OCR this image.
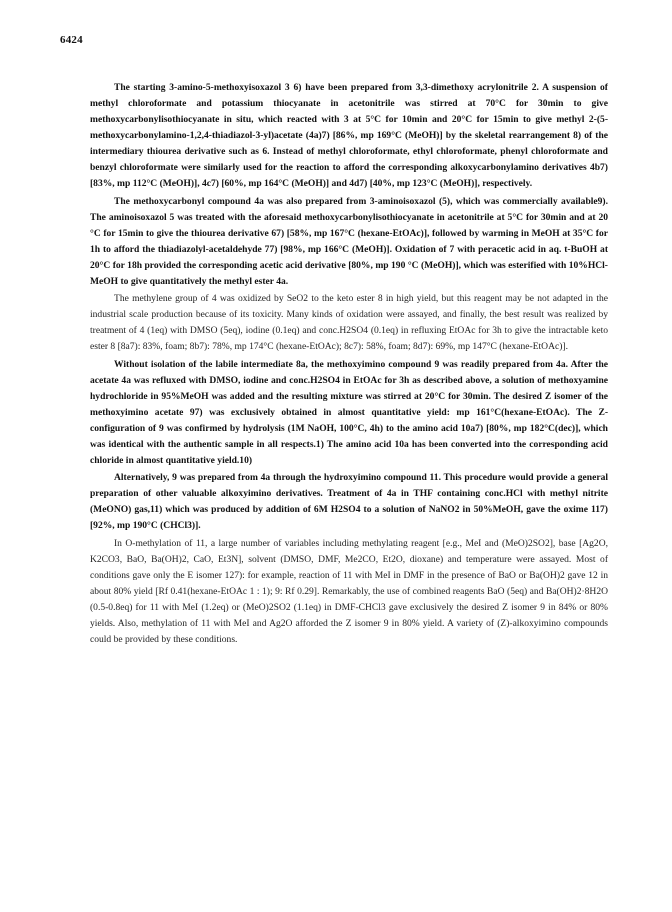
6424

The starting 3-amino-5-methoxyisoxazol 3 6) have been prepared from 3,3-dimethoxy acrylonitrile 2. A suspension of methyl chloroformate and potassium thiocyanate in acetonitrile was stirred at 70°C for 30min to give methoxycarbonylisothiocyanate in situ, which reacted with 3 at 5°C for 10min and 20°C for 15min to give methyl 2-(5-methoxycarbonylamino-1,2,4-thiadiazol-3-yl)acetate (4a)7) [86%, mp 169°C (MeOH)] by the skeletal rearrangement 8) of the intermediary thiourea derivative such as 6. Instead of methyl chloroformate, ethyl chloroformate, phenyl chloroformate and benzyl chloroformate were similarly used for the reaction to afford the corresponding alkoxycarbonylamino derivatives 4b7) [83%, mp 112°C (MeOH)], 4c7) [60%, mp 164°C (MeOH)] and 4d7) [40%, mp 123°C (MeOH)], respectively.

The methoxycarbonyl compound 4a was also prepared from 3-aminoisoxazol (5), which was commercially available9). The aminoisoxazol 5 was treated with the aforesaid methoxycarbonylisothiocyanate in acetonitrile at 5°C for 30min and at 20 °C for 15min to give the thiourea derivative 67) [58%, mp 167°C (hexane-EtOAc)], followed by warming in MeOH at 35°C for 1h to afford the thiadiazolyl-acetaldehyde 77) [98%, mp 166°C (MeOH)]. Oxidation of 7 with peracetic acid in aq. t-BuOH at 20°C for 18h provided the corresponding acetic acid derivative [80%, mp 190 °C (MeOH)], which was esterified with 10%HCl-MeOH to give quantitatively the methyl ester 4a.

The methylene group of 4 was oxidized by SeO2 to the keto ester 8 in high yield, but this reagent may be not adapted in the industrial scale production because of its toxicity. Many kinds of oxidation were assayed, and finally, the best result was realized by treatment of 4 (1eq) with DMSO (5eq), iodine (0.1eq) and conc.H2SO4 (0.1eq) in refluxing EtOAc for 3h to give the intractable keto ester 8 [8a7): 83%, foam; 8b7): 78%, mp 174°C (hexane-EtOAc); 8c7): 58%, foam; 8d7): 69%, mp 147°C (hexane-EtOAc)].

Without isolation of the labile intermediate 8a, the methoxyimino compound 9 was readily prepared from 4a. After the acetate 4a was refluxed with DMSO, iodine and conc.H2SO4 in EtOAc for 3h as described above, a solution of methoxyamine hydrochloride in 95%MeOH was added and the resulting mixture was stirred at 20°C for 30min. The desired Z isomer of the methoxyimino acetate 97) was exclusively obtained in almost quantitative yield: mp 161°C(hexane-EtOAc). The Z-configuration of 9 was confirmed by hydrolysis (1M NaOH, 100°C, 4h) to the amino acid 10a7) [80%, mp 182°C(dec)], which was identical with the authentic sample in all respects.1) The amino acid 10a has been converted into the corresponding acid chloride in almost quantitative yield.10)

Alternatively, 9 was prepared from 4a through the hydroxyimino compound 11. This procedure would provide a general preparation of other valuable alkoxyimino derivatives. Treatment of 4a in THF containing conc.HCl with methyl nitrite (MeONO) gas,11) which was produced by addition of 6M H2SO4 to a solution of NaNO2 in 50%MeOH, gave the oxime 117) [92%, mp 190°C (CHCl3)].

In O-methylation of 11, a large number of variables including methylating reagent [e.g., MeI and (MeO)2SO2], base [Ag2O, K2CO3, BaO, Ba(OH)2, CaO, Et3N], solvent (DMSO, DMF, Me2CO, Et2O, dioxane) and temperature were assayed. Most of conditions gave only the E isomer 127): for example, reaction of 11 with MeI in DMF in the presence of BaO or Ba(OH)2 gave 12 in about 80% yield [Rf 0.41(hexane-EtOAc 1 : 1); 9: Rf 0.29]. Remarkably, the use of combined reagents BaO (5eq) and Ba(OH)2·8H2O (0.5-0.8eq) for 11 with MeI (1.2eq) or (MeO)2SO2 (1.1eq) in DMF-CHCl3 gave exclusively the desired Z isomer 9 in 84% or 80% yields. Also, methylation of 11 with MeI and Ag2O afforded the Z isomer 9 in 80% yield. A variety of (Z)-alkoxyimino compounds could be provided by these conditions.
